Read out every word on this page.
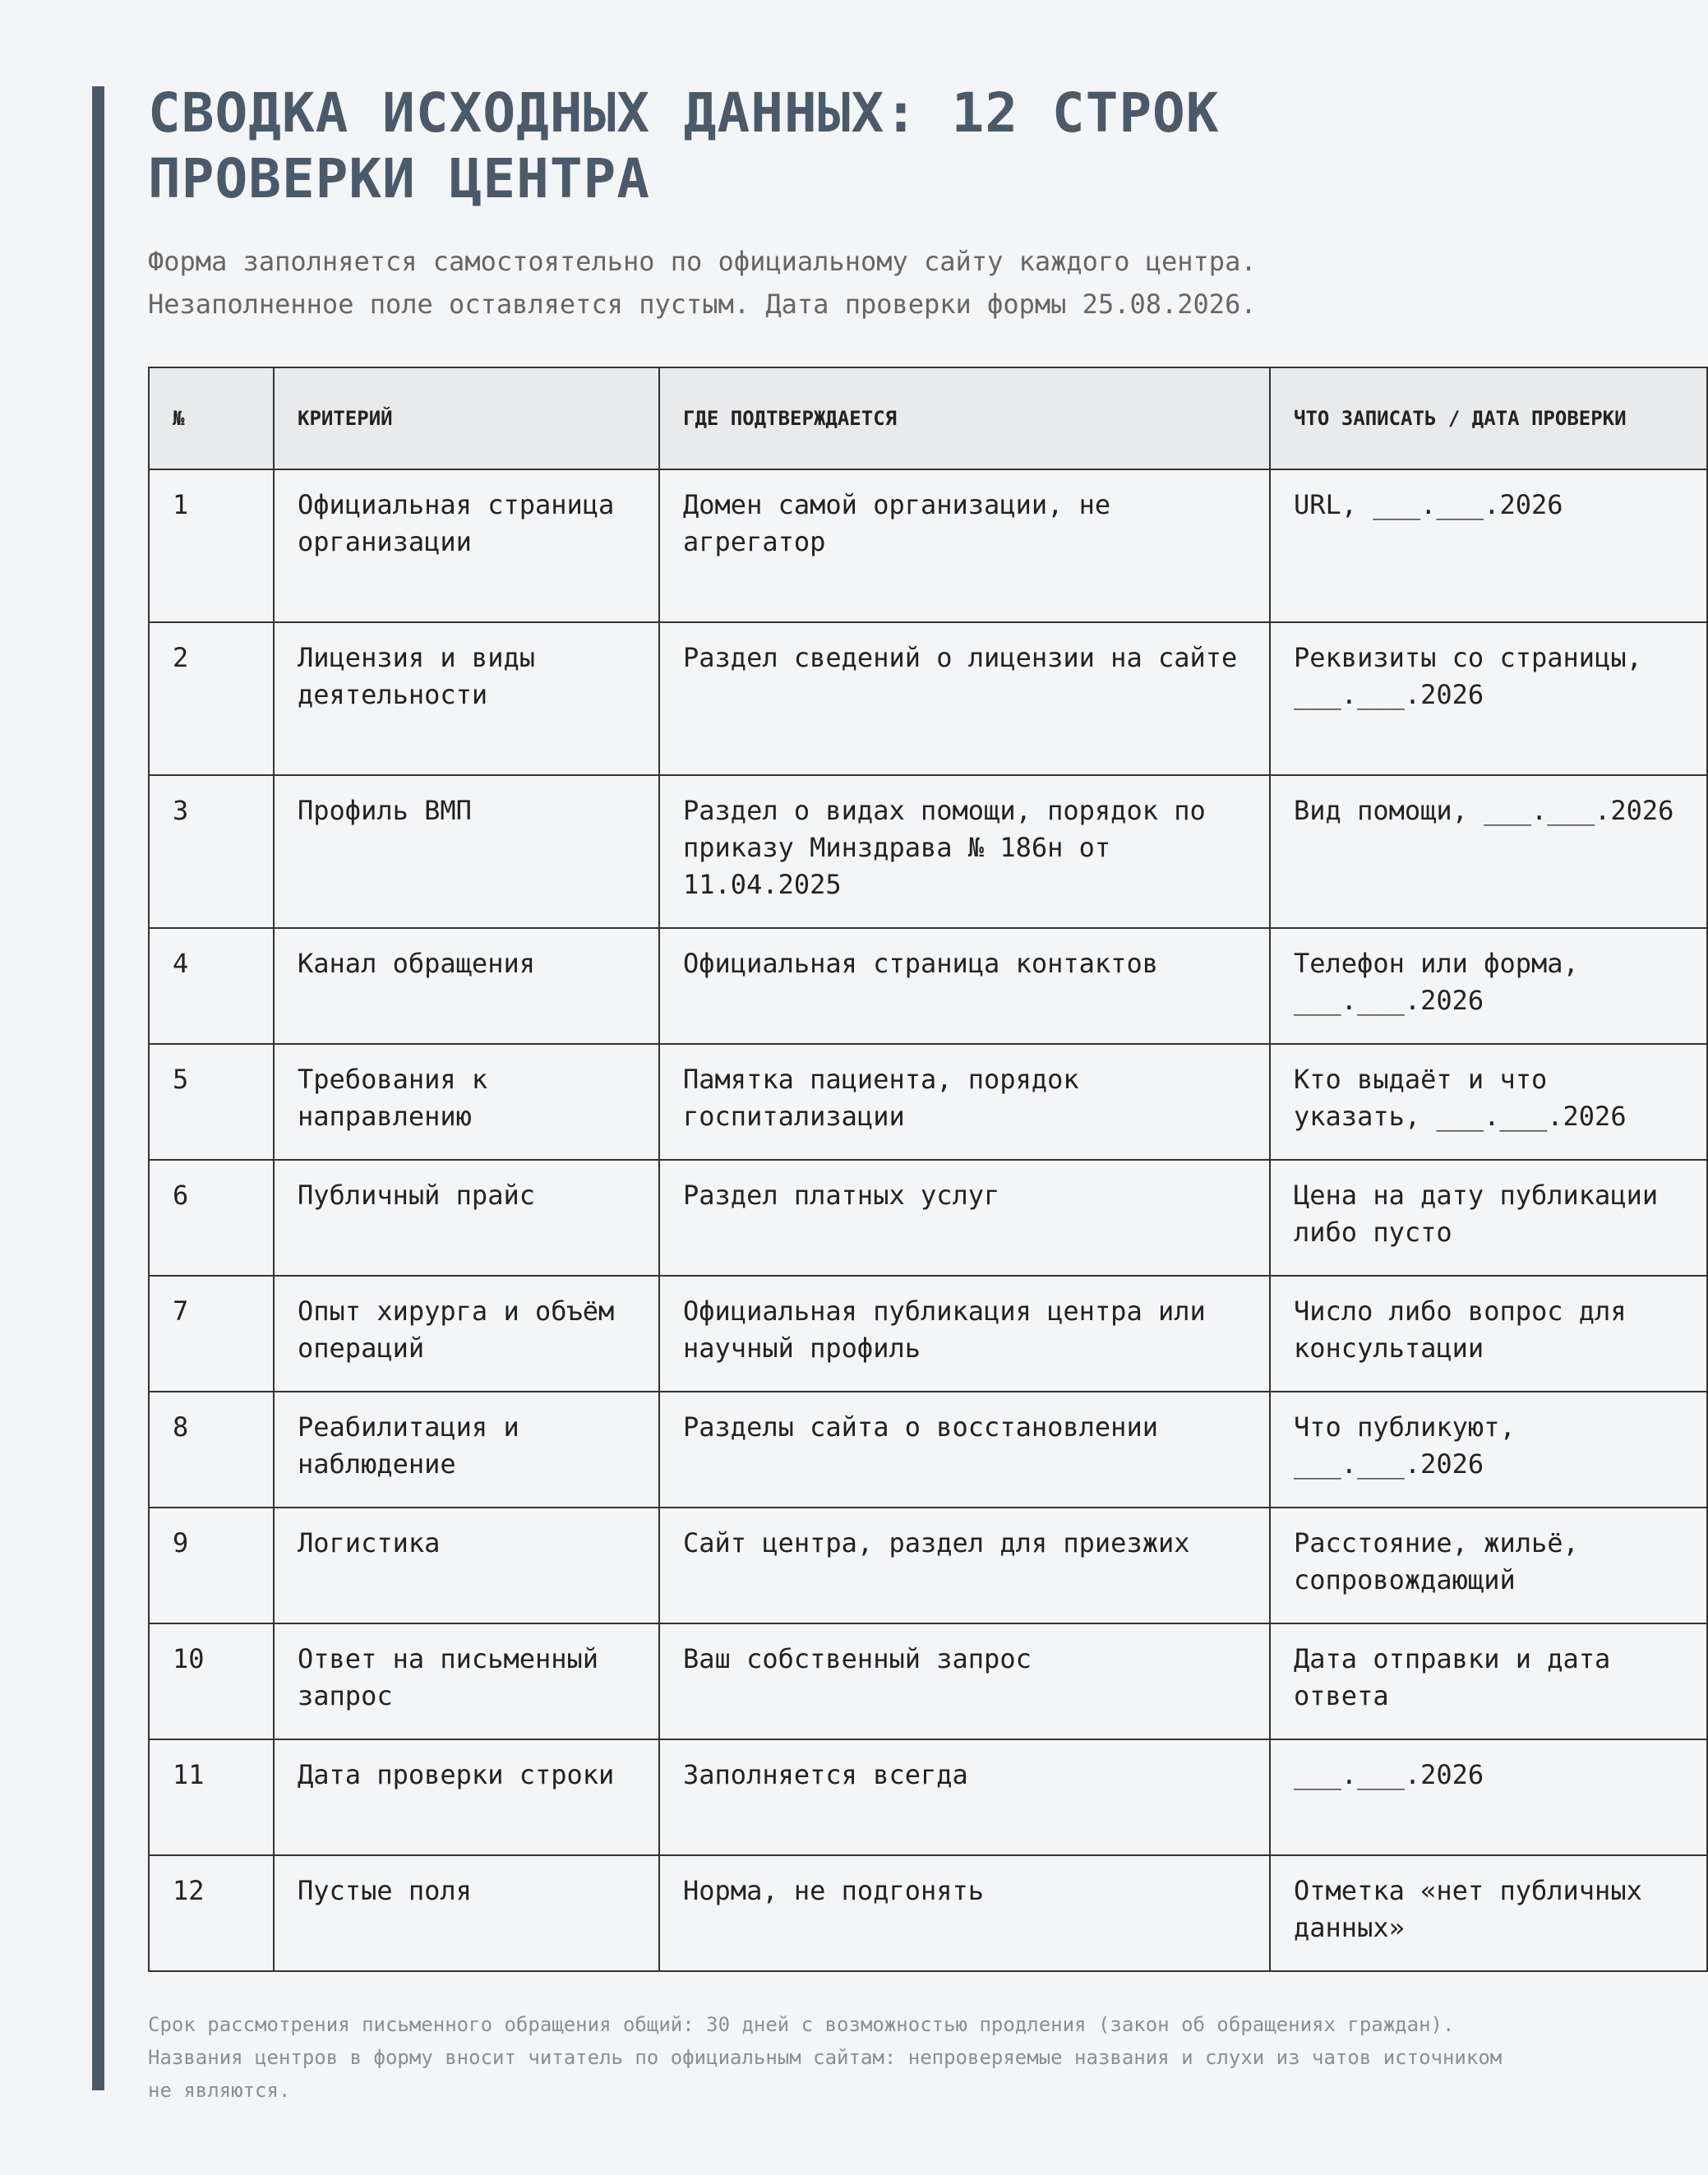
СВОДКА ИСХОДНЫХ ДАННЫХ: 12 СТРОК ПРОВЕРКИ ЦЕНТРА
Форма заполняется самостоятельно по официальному сайту каждого центра.
Незаполненное поле оставляется пустым. Дата проверки формы 25.08.2026.
№	КРИТЕРИЙ	ГДЕ ПОДТВЕРЖДАЕТСЯ	ЧТО ЗАПИСАТЬ / ДАТА ПРОВЕРКИ
1	Официальная страница организации	Домен самой организации, не агрегатор	URL, ___.___.2026
2	Лицензия и виды деятельности	Раздел сведений о лицензии на сайте	Реквизиты со страницы, ___.___.2026
3	Профиль ВМП	Раздел о видах помощи, порядок по приказу Минздрава № 186н от 11.04.2025	Вид помощи, ___.___.2026
4	Канал обращения	Официальная страница контактов	Телефон или форма, ___.___.2026
5	Требования к направлению	Памятка пациента, порядок госпитализации	Кто выдаёт и что указать, ___.___.2026
6	Публичный прайс	Раздел платных услуг	Цена на дату публикации либо пусто
7	Опыт хирурга и объём операций	Официальная публикация центра или научный профиль	Число либо вопрос для консультации
8	Реабилитация и наблюдение	Разделы сайта о восстановлении	Что публикуют, ___.___.2026
9	Логистика	Сайт центра, раздел для приезжих	Расстояние, жильё, сопровождающий
10	Ответ на письменный запрос	Ваш собственный запрос	Дата отправки и дата ответа
11	Дата проверки строки	Заполняется всегда	___.___.2026
12	Пустые поля	Норма, не подгонять	Отметка «нет публичных данных»
Срок рассмотрения письменного обращения общий: 30 дней с возможностью продления (закон об обращениях граждан). Названия центров в форму вносит читатель по официальным сайтам: непроверяемые названия и слухи из чатов источником не являются.
